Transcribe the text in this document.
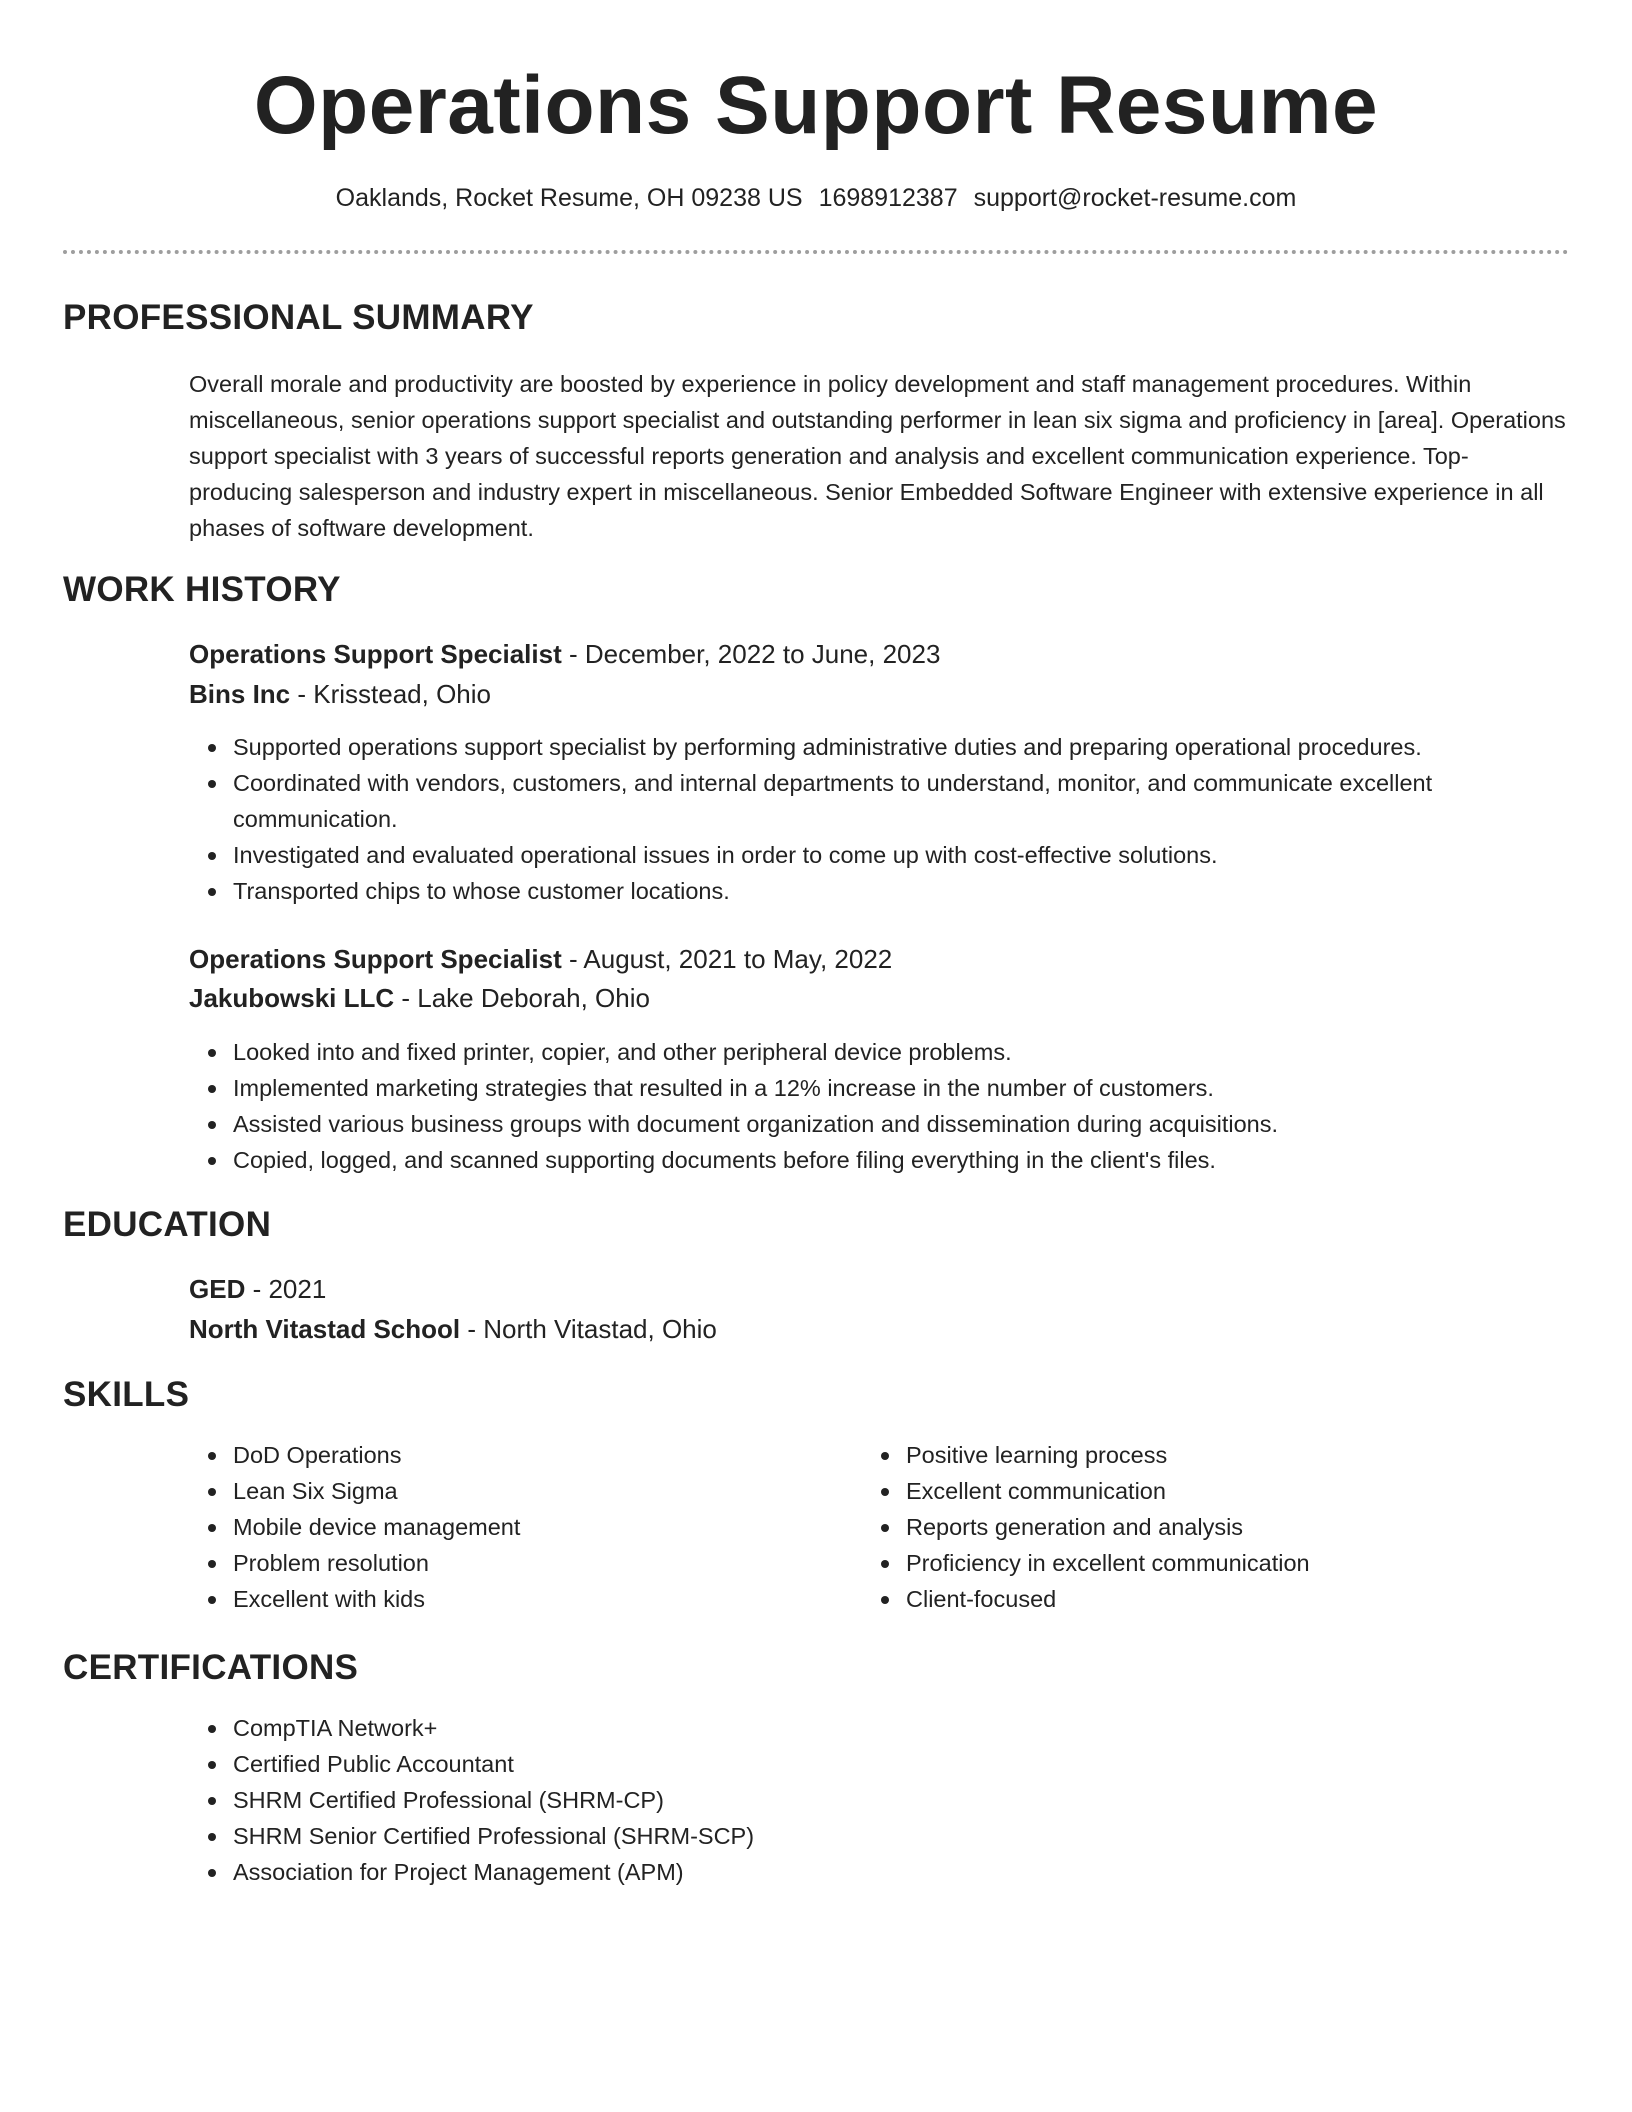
Operations Support Resume
Oaklands, Rocket Resume, OH 09238 US 1698912387 support@rocket-resume.com
PROFESSIONAL SUMMARY

Overall morale and productivity are boosted by experience in policy development and staff management procedures. Within miscellaneous, senior operations support specialist and outstanding performer in lean six sigma and proficiency in [area]. Operations support specialist with 3 years of successful reports generation and analysis and excellent communication experience. Top-producing salesperson and industry expert in miscellaneous. Senior Embedded Software Engineer with extensive experience in all phases of software development.

WORK HISTORY
Operations Support Specialist - December, 2022 to June, 2023
Bins Inc - Krisstead, Ohio
Supported operations support specialist by performing administrative duties and preparing operational procedures.
Coordinated with vendors, customers, and internal departments to understand, monitor, and communicate excellent communication.
Investigated and evaluated operational issues in order to come up with cost-effective solutions.
Transported chips to whose customer locations.
Operations Support Specialist - August, 2021 to May, 2022
Jakubowski LLC - Lake Deborah, Ohio
Looked into and fixed printer, copier, and other peripheral device problems.
Implemented marketing strategies that resulted in a 12% increase in the number of customers.
Assisted various business groups with document organization and dissemination during acquisitions.
Copied, logged, and scanned supporting documents before filing everything in the client's files.
EDUCATION
GED - 2021
North Vitastad School - North Vitastad, Ohio
SKILLS
DoD Operations
Lean Six Sigma
Mobile device management
Problem resolution
Excellent with kids
Positive learning process
Excellent communication
Reports generation and analysis
Proficiency in excellent communication
Client-focused
CERTIFICATIONS
CompTIA Network+
Certified Public Accountant
SHRM Certified Professional (SHRM-CP)
SHRM Senior Certified Professional (SHRM-SCP)
Association for Project Management (APM)
